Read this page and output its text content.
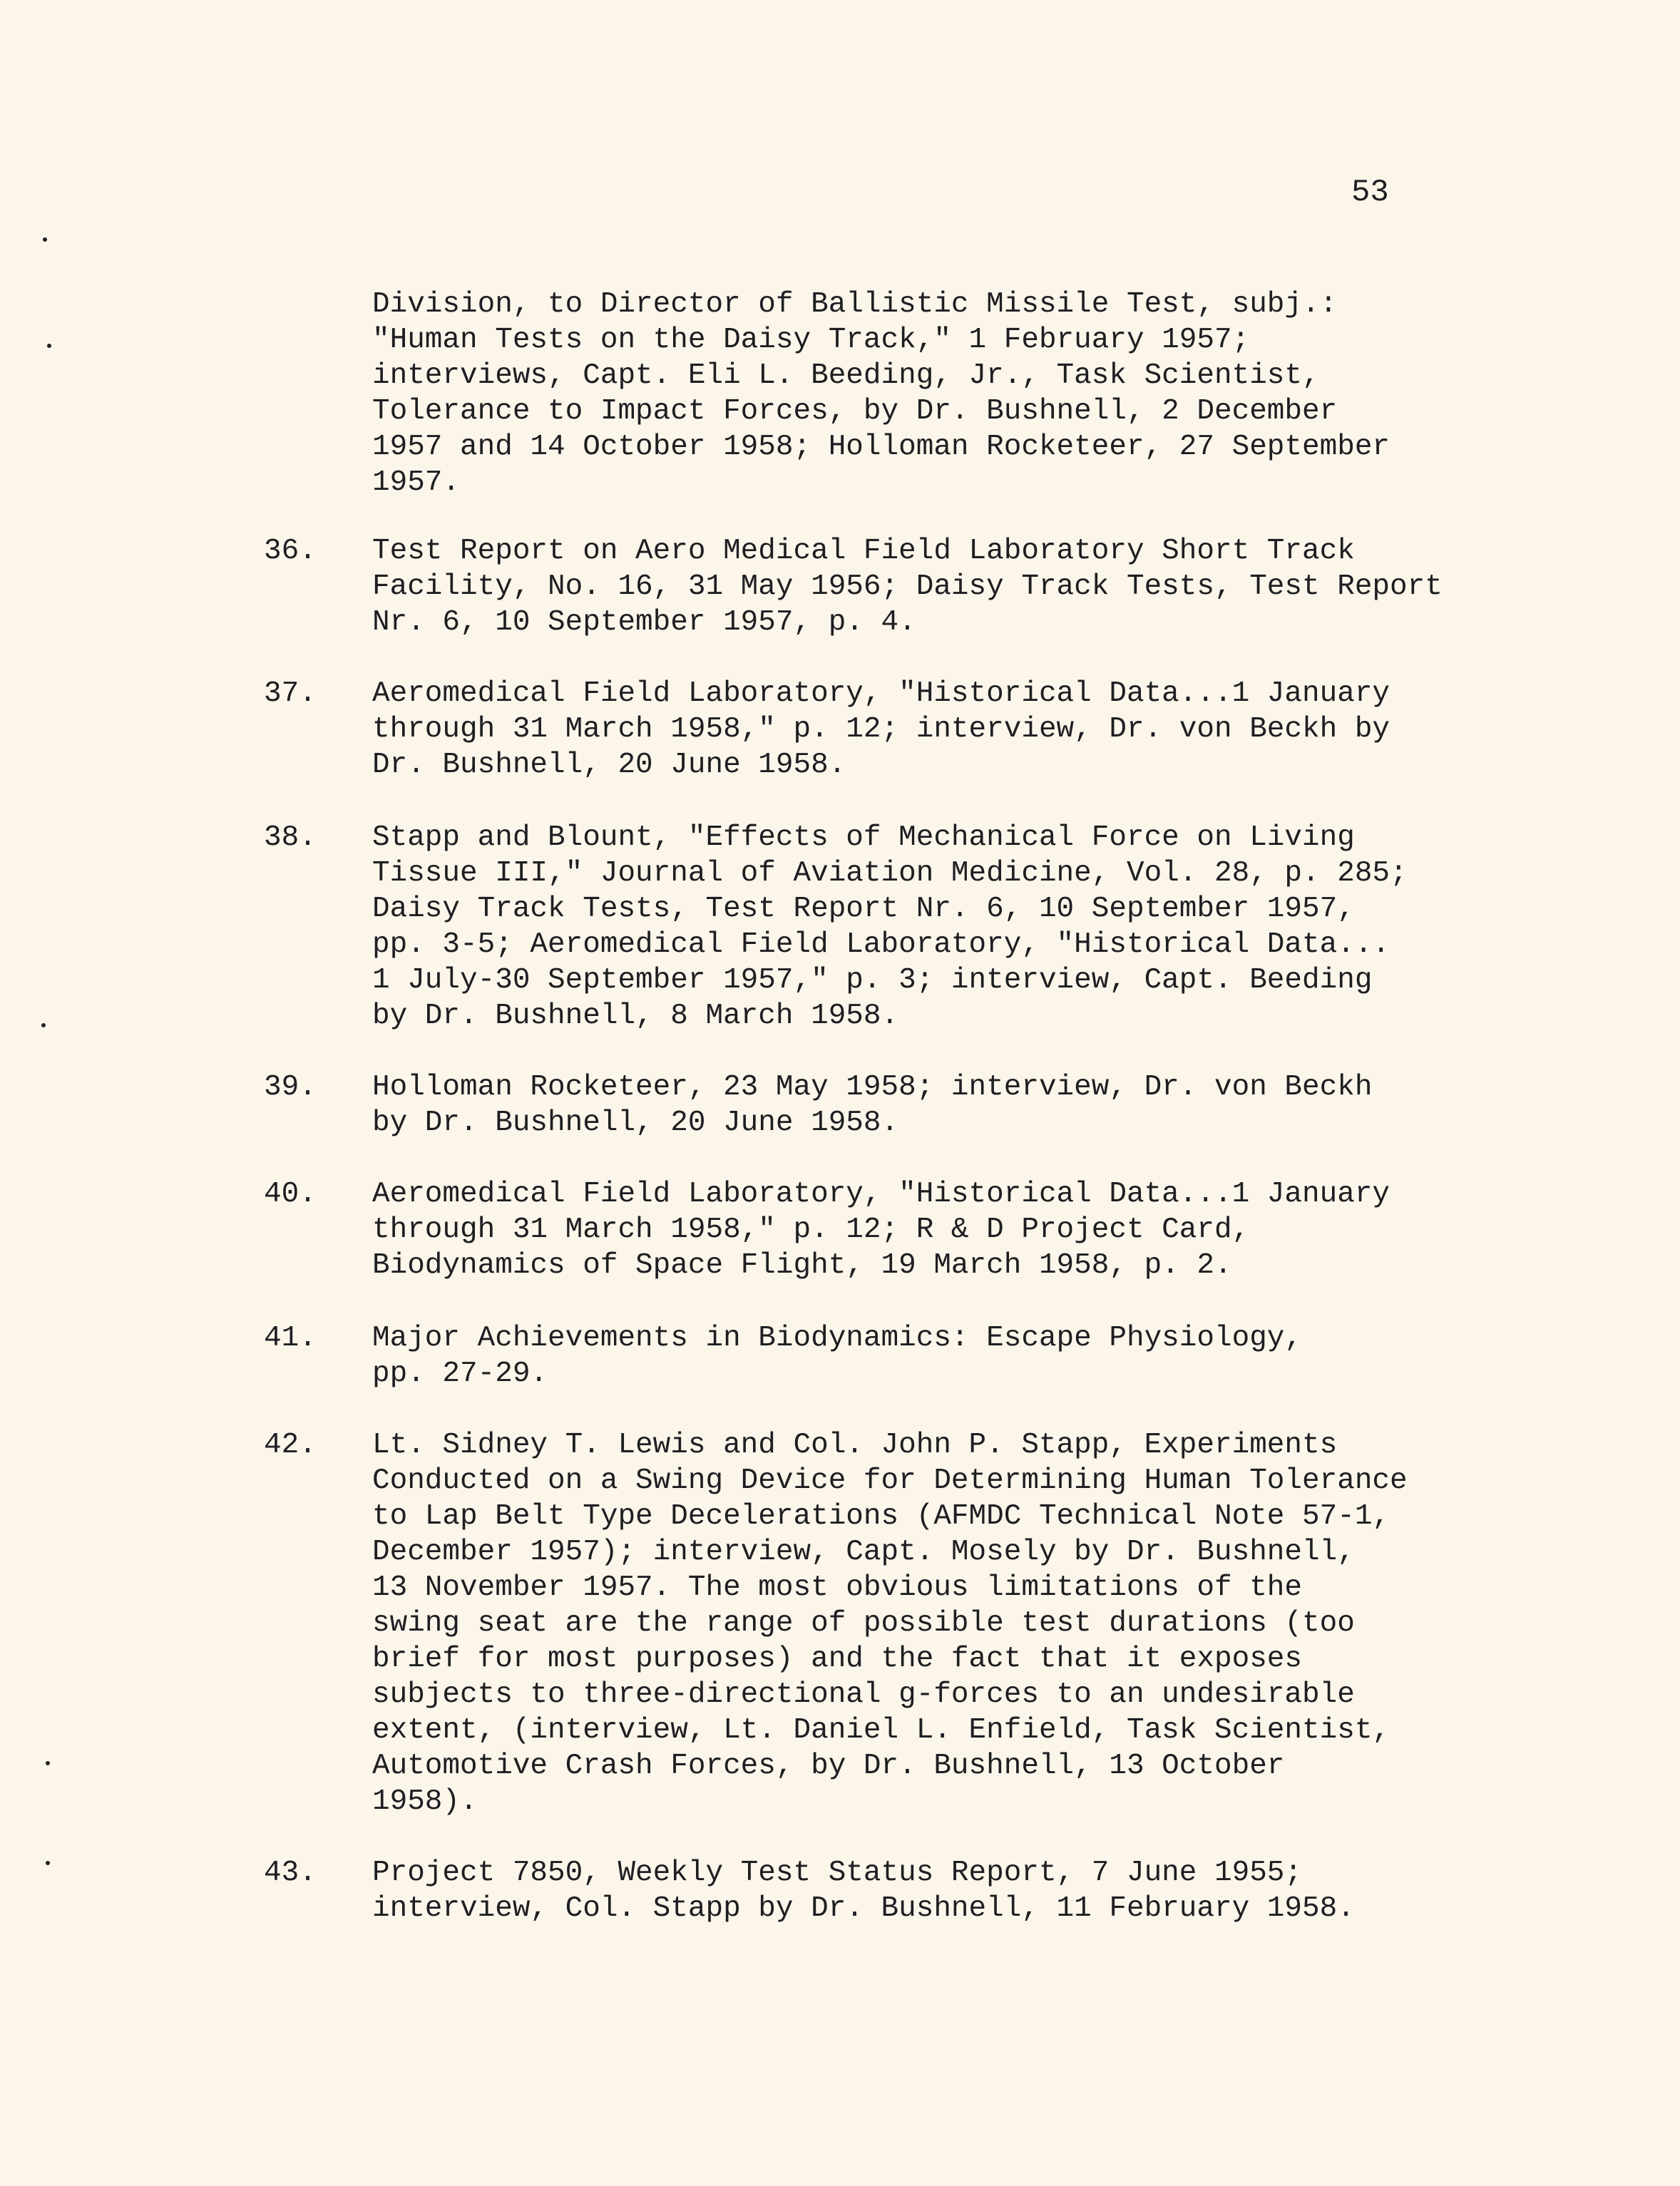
53
Division, to Director of Ballistic Missile Test, subj.:
"Human Tests on the Daisy Track," 1 February 1957;
interviews, Capt. Eli L. Beeding, Jr., Task Scientist,
Tolerance to Impact Forces, by Dr. Bushnell, 2 December
1957 and 14 October 1958; Holloman Rocketeer, 27 September
1957.
36.	Test Report on Aero Medical Field Laboratory Short Track
Facility, No. 16, 31 May 1956; Daisy Track Tests, Test Report
Nr. 6, 10 September 1957, p. 4.
37.	Aeromedical Field Laboratory, "Historical Data...1 January
through 31 March 1958," p. 12; interview, Dr. von Beckh by
Dr. Bushnell, 20 June 1958.
38.	Stapp and Blount, "Effects of Mechanical Force on Living
Tissue III," Journal of Aviation Medicine, Vol. 28, p. 285;
Daisy Track Tests, Test Report Nr. 6, 10 September 1957,
pp. 3-5; Aeromedical Field Laboratory, "Historical Data...
1 July-30 September 1957," p. 3; interview, Capt. Beeding
by Dr. Bushnell, 8 March 1958.
39.	Holloman Rocketeer, 23 May 1958; interview, Dr. von Beckh
by Dr. Bushnell, 20 June 1958.
40.	Aeromedical Field Laboratory, "Historical Data...1 January
through 31 March 1958," p. 12; R & D Project Card,
Biodynamics of Space Flight, 19 March 1958, p. 2.
41.	Major Achievements in Biodynamics: Escape Physiology,
pp. 27-29.
42.	Lt. Sidney T. Lewis and Col. John P. Stapp, Experiments
Conducted on a Swing Device for Determining Human Tolerance
to Lap Belt Type Decelerations (AFMDC Technical Note 57-1,
December 1957); interview, Capt. Mosely by Dr. Bushnell,
13 November 1957. The most obvious limitations of the
swing seat are the range of possible test durations (too
brief for most purposes) and the fact that it exposes
subjects to three-directional g-forces to an undesirable
extent, (interview, Lt. Daniel L. Enfield, Task Scientist,
Automotive Crash Forces, by Dr. Bushnell, 13 October
1958).
43.	Project 7850, Weekly Test Status Report, 7 June 1955;
interview, Col. Stapp by Dr. Bushnell, 11 February 1958.
